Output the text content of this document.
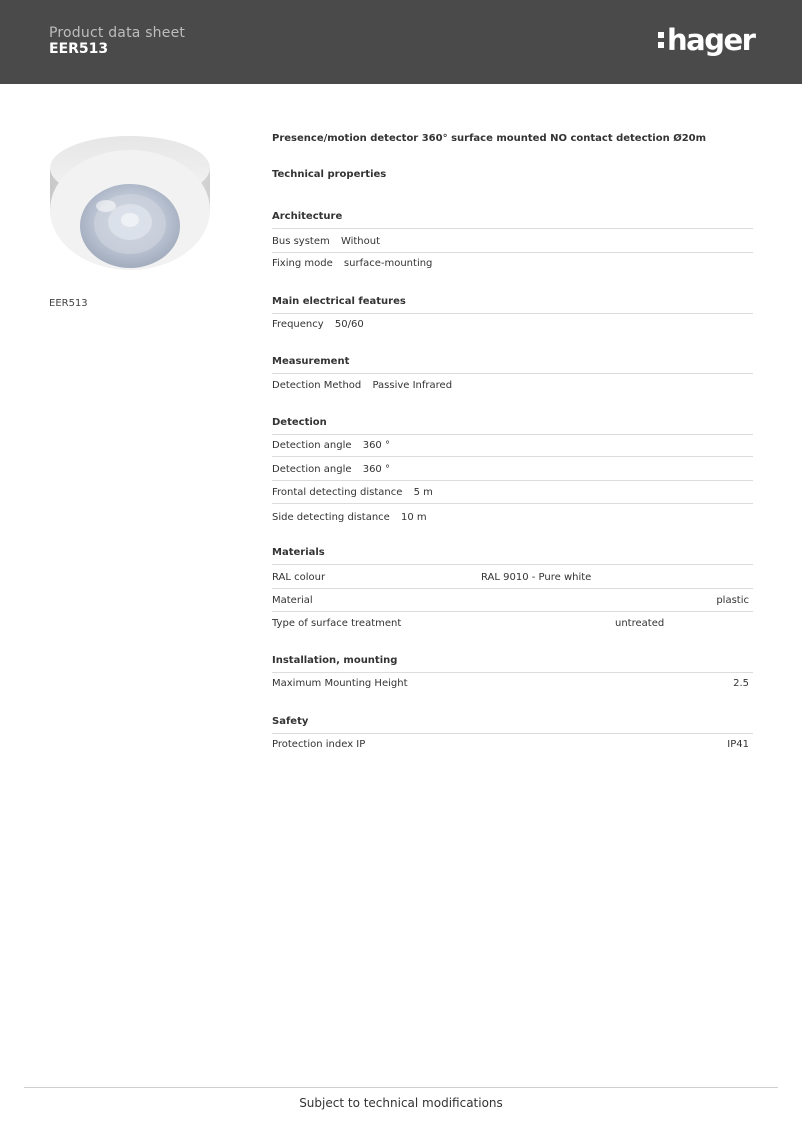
Product data sheet
EER513	hager
EER513
Presence/motion detector 360° surface mounted NO contact detection Ø20m
Technical properties
Architecture
Bus system Without
Fixing mode surface-mounting
Main electrical features
Frequency 50/60
Measurement
Detection Method Passive Infrared
Detection
Detection angle 360 °
Detection angle 360 °
Frontal detecting distance 5 m
Side detecting distance 10 m
Materials
RAL colour	RAL 9010 - Pure white
Material	plastic
Type of surface treatment	untreated
Installation, mounting
Maximum Mounting Height	2.5
Safety
Protection index IP	IP41
Subject to technical modifications
